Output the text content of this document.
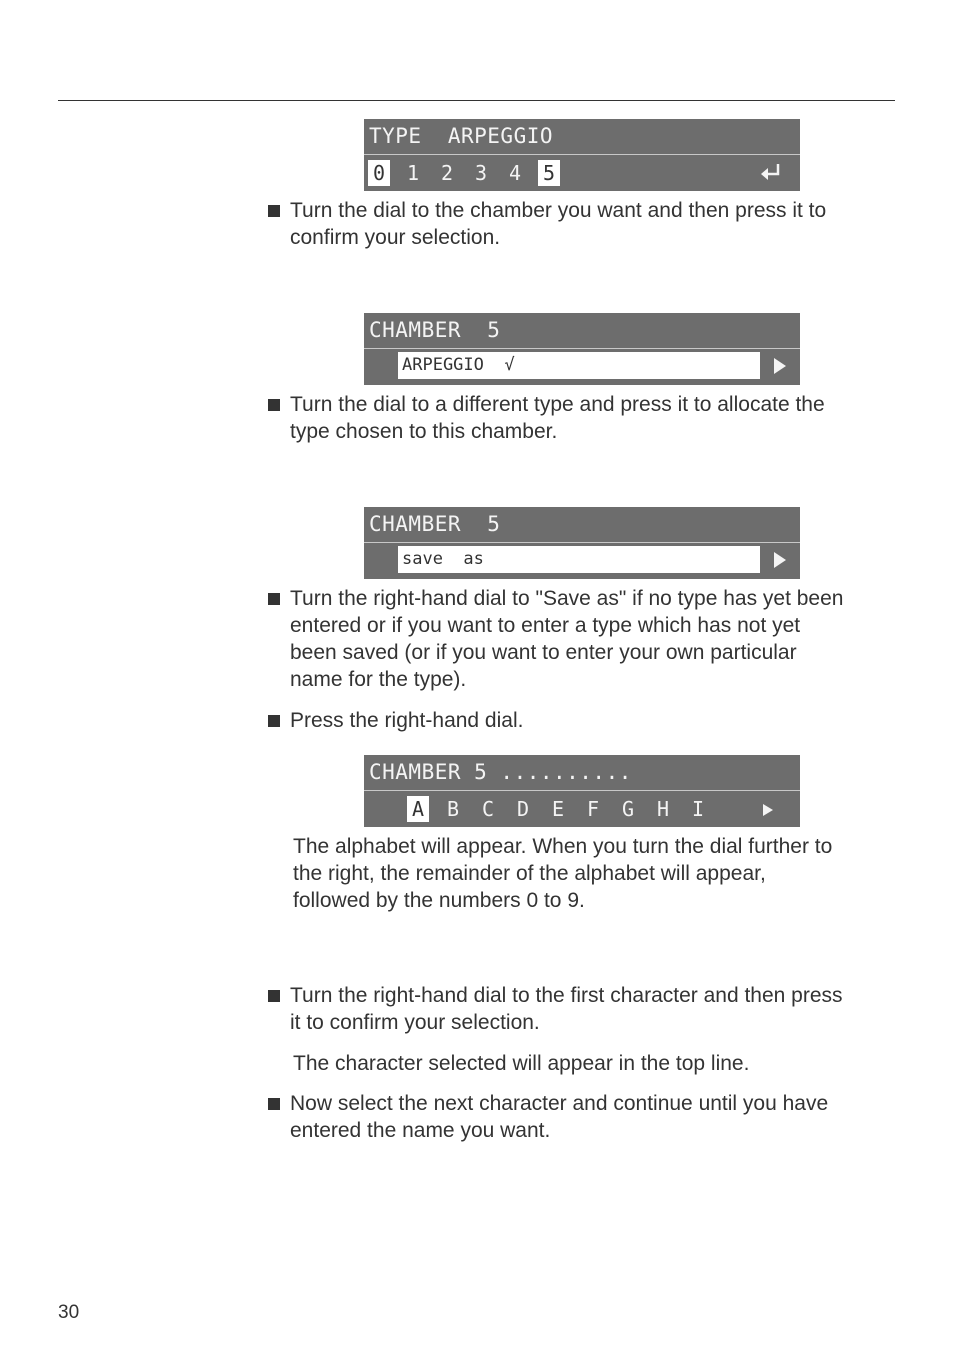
TYPE  ARPEGGIO
0 1 2 3 4 5
Turn the dial to the chamber you want and then press it to
confirm your selection.
CHAMBER  5
ARPEGGIO  √
Turn the dial to a different type and press it to allocate the
type chosen to this chamber.
CHAMBER  5
save  as
Turn the right-hand dial to "Save as" if no type has yet been
entered or if you want to enter a type which has not yet
been saved (or if you want to enter your own particular
name for the type).
Press the right-hand dial.
CHAMBER 5 ..........
A B C D E F G H I
The alphabet will appear. When you turn the dial further to
the right, the remainder of the alphabet will appear,
followed by the numbers 0 to 9.
Turn the right-hand dial to the first character and then press
it to confirm your selection.
The character selected will appear in the top line.
Now select the next character and continue until you have
entered the name you want.
30
